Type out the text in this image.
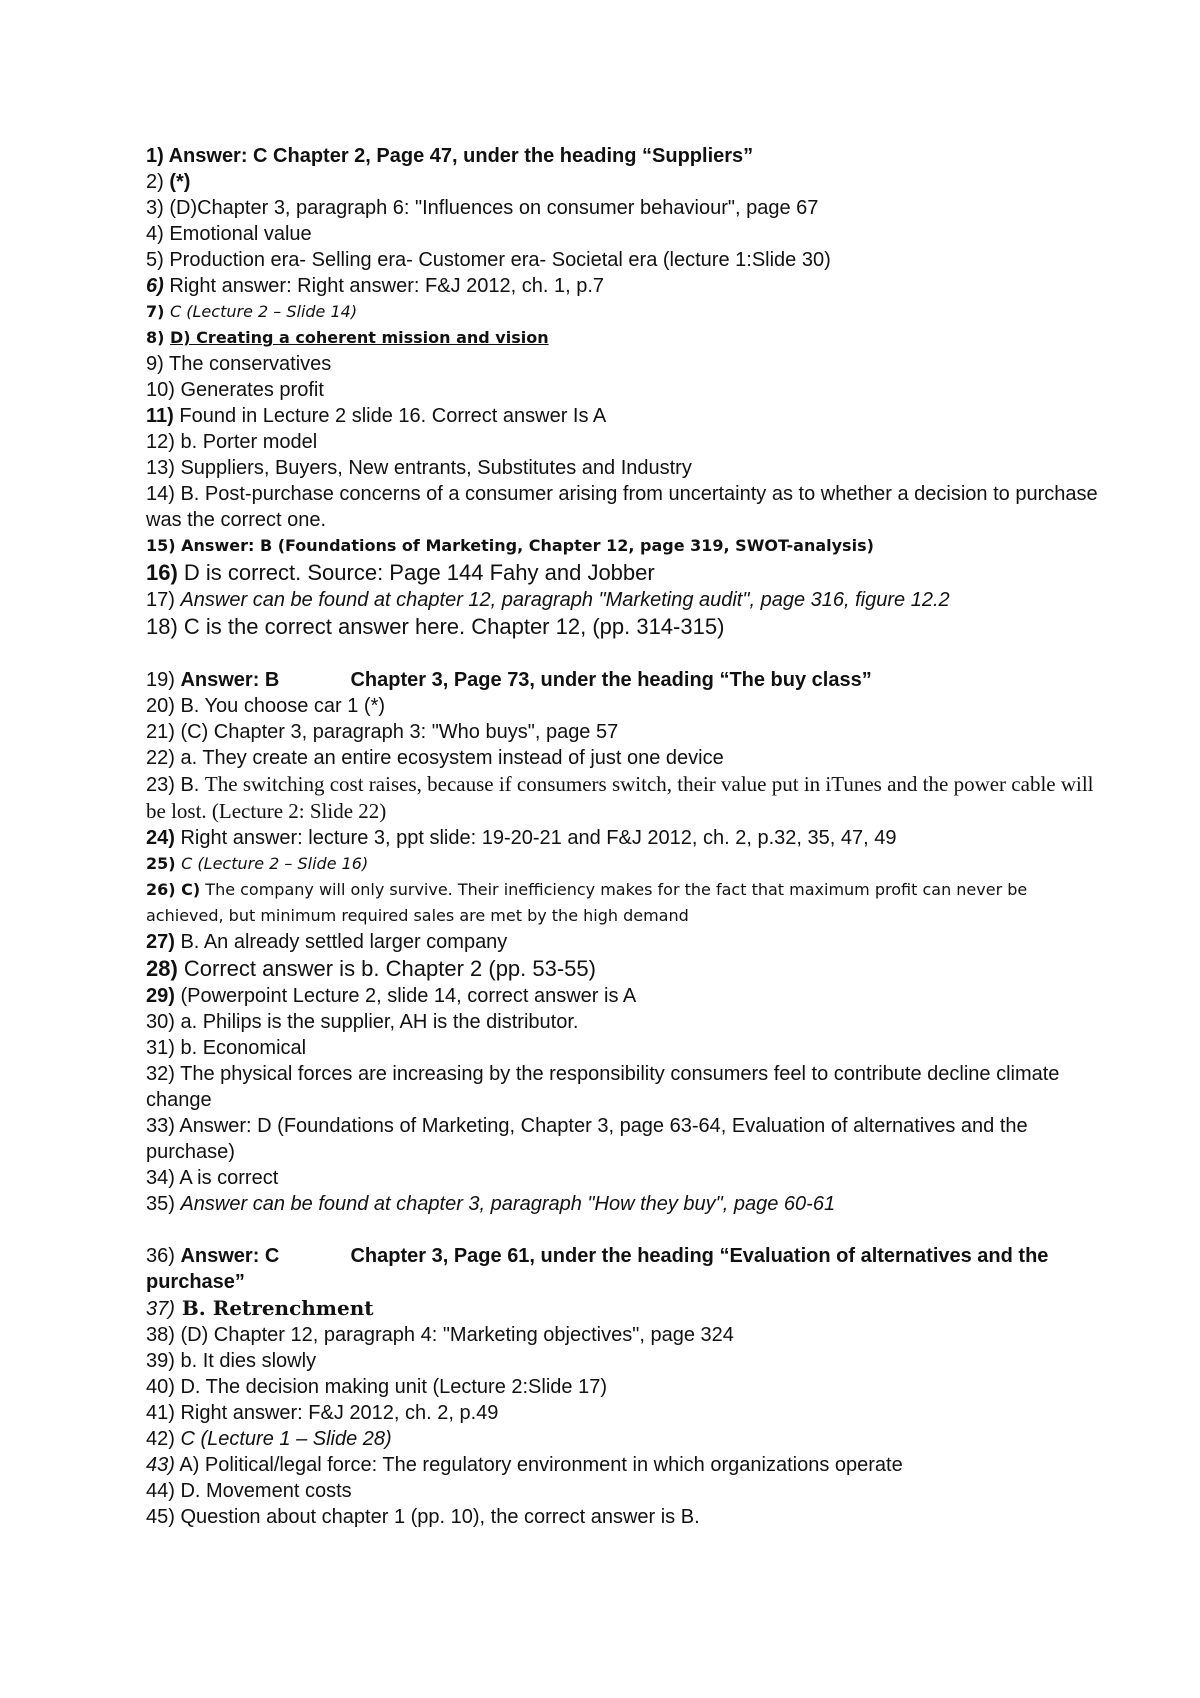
1) Answer: C Chapter 2, Page 47, under the heading “Suppliers”
2) (*)
3) (D)Chapter 3, paragraph 6: "Influences on consumer behaviour", page 67
4) Emotional value
5) Production era- Selling era- Customer era- Societal era (lecture 1:Slide 30)
6) Right answer: Right answer: F&J 2012, ch. 1, p.7
7) C (Lecture 2 – Slide 14)
8) D) Creating a coherent mission and vision
9) The conservatives
10) Generates profit
11) Found in Lecture 2 slide 16. Correct answer Is A
12) b. Porter model
13) Suppliers, Buyers, New entrants, Substitutes and Industry
14) B. Post-purchase concerns of a consumer arising from uncertainty as to whether a decision to purchase was the correct one.
15) Answer: B (Foundations of Marketing, Chapter 12, page 319, SWOT-analysis)
16) D is correct. Source: Page 144 Fahy and Jobber
17) Answer can be found at chapter 12, paragraph "Marketing audit", page 316, figure 12.2
18) C is the correct answer here. Chapter 12, (pp. 314-315)
19) Answer: B	Chapter 3, Page 73, under the heading “The buy class”
20) B. You choose car 1 (*)
21) (C) Chapter 3, paragraph 3: "Who buys", page 57
22) a. They create an entire ecosystem instead of just one device
23) B. The switching cost raises, because if consumers switch, their value put in iTunes and the power cable will be lost. (Lecture 2: Slide 22)
24) Right answer: lecture 3, ppt slide: 19-20-21 and F&J 2012, ch. 2, p.32, 35, 47, 49
25) C (Lecture 2 – Slide 16)
26) C) The company will only survive. Their inefficiency makes for the fact that maximum profit can never be achieved, but minimum required sales are met by the high demand
27) B. An already settled larger company
28) Correct answer is b. Chapter 2 (pp. 53-55)
29) (Powerpoint Lecture 2, slide 14, correct answer is A
30) a. Philips is the supplier, AH is the distributor.
31) b. Economical
32) The physical forces are increasing by the responsibility consumers feel to contribute decline climate change
33) Answer: D (Foundations of Marketing, Chapter 3, page 63-64, Evaluation of alternatives and the purchase)
34) A is correct
35) Answer can be found at chapter 3, paragraph "How they buy", page 60-61
36) Answer: C	Chapter 3, Page 61, under the heading “Evaluation of alternatives and the purchase”
37) B. Retrenchment
38) (D) Chapter 12, paragraph 4: "Marketing objectives", page 324
39) b. It dies slowly
40) D. The decision making unit (Lecture 2:Slide 17)
41) Right answer: F&J 2012, ch. 2, p.49
42) C (Lecture 1 – Slide 28)
43) A) Political/legal force: The regulatory environment in which organizations operate
44) D. Movement costs
45) Question about chapter 1 (pp. 10), the correct answer is B.
